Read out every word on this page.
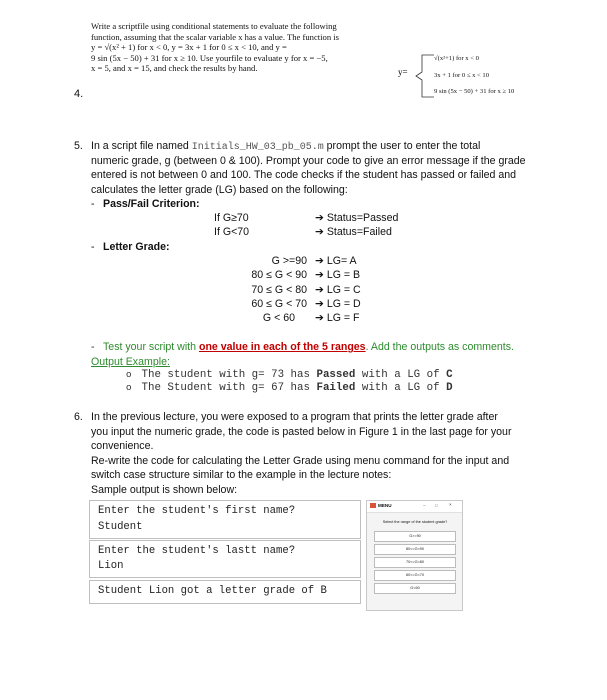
Write a scriptfile using conditional statements to evaluate the following
function, assuming that the scalar variable x has a value. The function is
y = √(x² + 1) for x < 0, y = 3x + 1 for 0 ≤ x < 10, and y =
9 sin (5x − 50) + 31 for x ≥ 10. Use yourfile to evaluate y for x = −5,
x = 5, and x = 15, and check the results by hand.
4.
y=
√(x²+1) for x < 0
3x + 1 for 0 ≤ x < 10
9 sin (5x − 50) + 31 for x ≥ 10
5. In a script file named Initials_HW_03_pb_05.m prompt the user to enter the total
numeric grade, g (between 0 & 100). Prompt your code to give an error message if the grade
entered is not between 0 and 100. The code checks if the student has passed or failed and
calculates the letter grade (LG) based on the following:
- Pass/Fail Criterion:
If G≥70	➔ Status=Passed
If G<70	➔ Status=Failed
- Letter Grade:
G >=90 ➔ LG= A
80 ≤ G < 90 ➔ LG = B
70 ≤ G < 80 ➔ LG = C
60 ≤ G < 70 ➔ LG = D
G < 60 ➔ LG = F
- Test your script with one value in each of the 5 ranges. Add the outputs as comments.
Output Example:
o The student with g= 73 has Passed with a LG of C
o The Student with g= 67 has Failed with a LG of D
6. In the previous lecture, you were exposed to a program that prints the letter grade after
you input the numeric grade, the code is pasted below in Figure 1 in the last page for your
convenience.
Re-write the code for calculating the Letter Grade using menu command for the input and
switch case structure similar to the example in the lecture notes:
Sample output is shown below:
Enter the student's first name?
Student
Enter the student's lastt name?
Lion
Student Lion got a letter grade of B
MENU	− □ ×
Select the range of the student grade?
G>=90
80<=G<90
70<=G<80
60<=G<70
G<60
